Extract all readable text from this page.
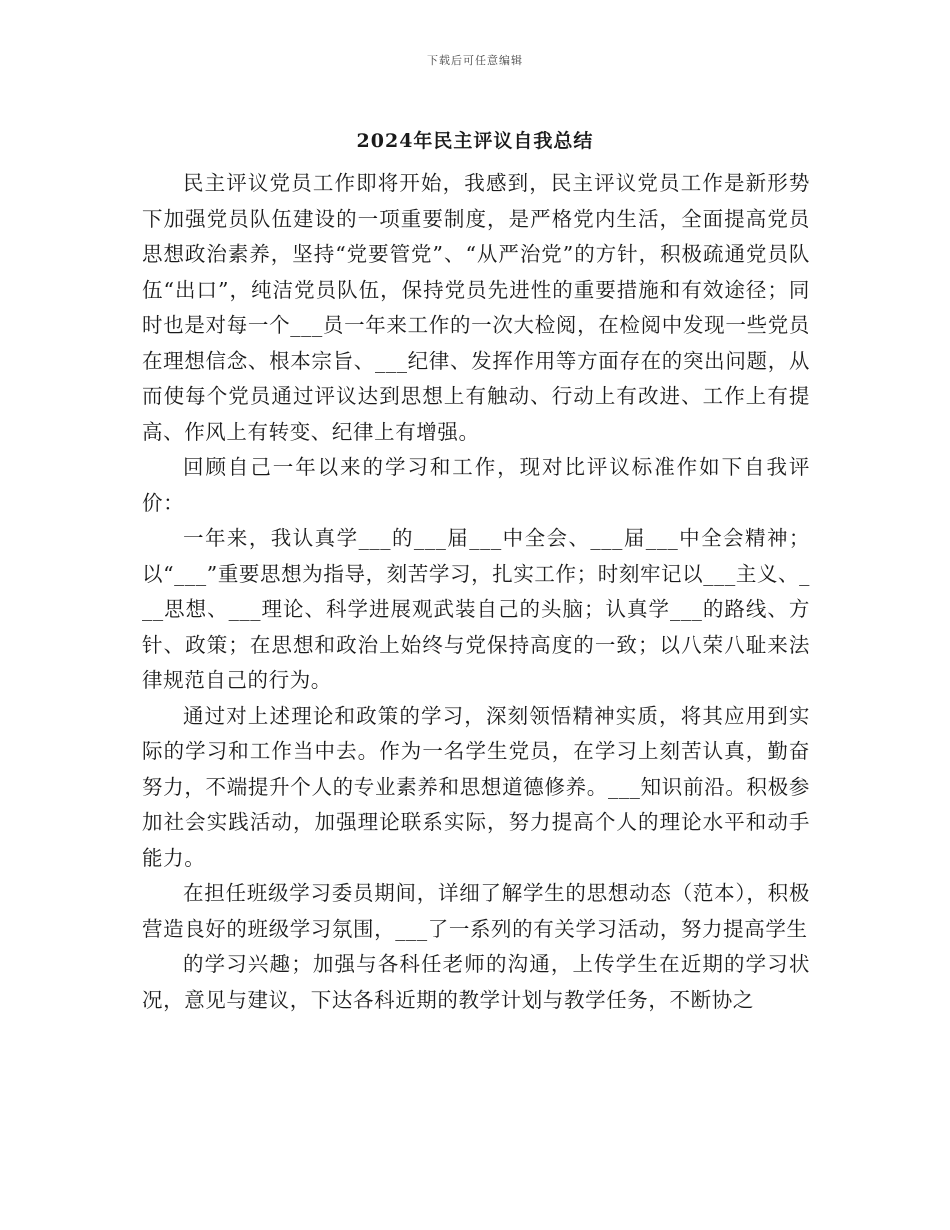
下载后可任意编辑
2024年民主评议自我总结

民主评议党员工作即将开始，我感到，民主评议党员工作是新形势下加强党员队伍建设的一项重要制度，是严格党内生活，全面提高党员思想政治素养，坚持“党要管党”、“从严治党”的方针，积极疏通党员队伍“出口”，纯洁党员队伍，保持党员先进性的重要措施和有效途径；同时也是对每一个___员一年来工作的一次大检阅，在检阅中发现一些党员在理想信念、根本宗旨、___纪律、发挥作用等方面存在的突出问题，从而使每个党员通过评议达到思想上有触动、行动上有改进、工作上有提高、作风上有转变、纪律上有增强。

回顾自己一年以来的学习和工作，现对比评议标准作如下自我评价：

一年来，我认真学___的___届___中全会、___届___中全会精神；以“___”重要思想为指导，刻苦学习，扎实工作；时刻牢记以___主义、___思想、___理论、科学进展观武装自己的头脑；认真学___的路线、方针、政策；在思想和政治上始终与党保持高度的一致；以八荣八耻来法律规范自己的行为。

通过对上述理论和政策的学习，深刻领悟精神实质，将其应用到实际的学习和工作当中去。作为一名学生党员，在学习上刻苦认真，勤奋努力，不端提升个人的专业素养和思想道德修养。___知识前沿。积极参加社会实践活动，加强理论联系实际，努力提高个人的理论水平和动手能力。

在担任班级学习委员期间，详细了解学生的思想动态（范本），积极营造良好的班级学习氛围，___了一系列的有关学习活动，努力提高学生

的学习兴趣；加强与各科任老师的沟通，上传学生在近期的学习状况，意见与建议，下达各科近期的教学计划与教学任务，不断协之
